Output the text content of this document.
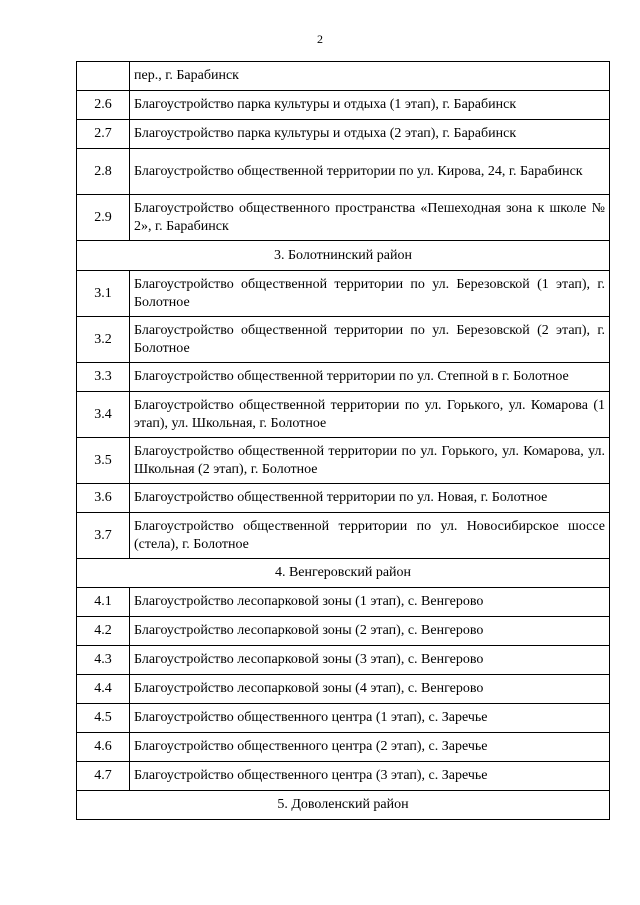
2
	пер., г. Барабинск
2.6	Благоустройство парка культуры и отдыха (1 этап), г. Барабинск
2.7	Благоустройство парка культуры и отдыха (2 этап), г. Барабинск
2.8	Благоустройство общественной территории по ул. Кирова, 24, г. Барабинск
2.9	Благоустройство общественного пространства «Пешеходная зона к школе № 2», г. Барабинск
3. Болотнинский район	
3.1	Благоустройство общественной территории по ул. Березовской (1 этап), г. Болотное
3.2	Благоустройство общественной территории по ул. Березовской (2 этап), г. Болотное
3.3	Благоустройство общественной территории по ул. Степной в г. Болотное
3.4	Благоустройство общественной территории по ул. Горького, ул. Комарова (1 этап), ул. Школьная, г. Болотное
3.5	Благоустройство общественной территории по ул. Горького, ул. Комарова, ул. Школьная (2 этап), г. Болотное
3.6	Благоустройство общественной территории по ул. Новая, г. Болотное
3.7	Благоустройство общественной территории по ул. Новосибирское шоссе (стела), г. Болотное
4. Венгеровский район	
4.1	Благоустройство лесопарковой зоны (1 этап), с. Венгерово
4.2	Благоустройство лесопарковой зоны (2 этап), с. Венгерово
4.3	Благоустройство лесопарковой зоны (3 этап), с. Венгерово
4.4	Благоустройство лесопарковой зоны (4 этап), с. Венгерово
4.5	Благоустройство общественного центра (1 этап), с. Заречье
4.6	Благоустройство общественного центра (2 этап), с. Заречье
4.7	Благоустройство общественного центра (3 этап), с. Заречье
5. Доволенский район	
